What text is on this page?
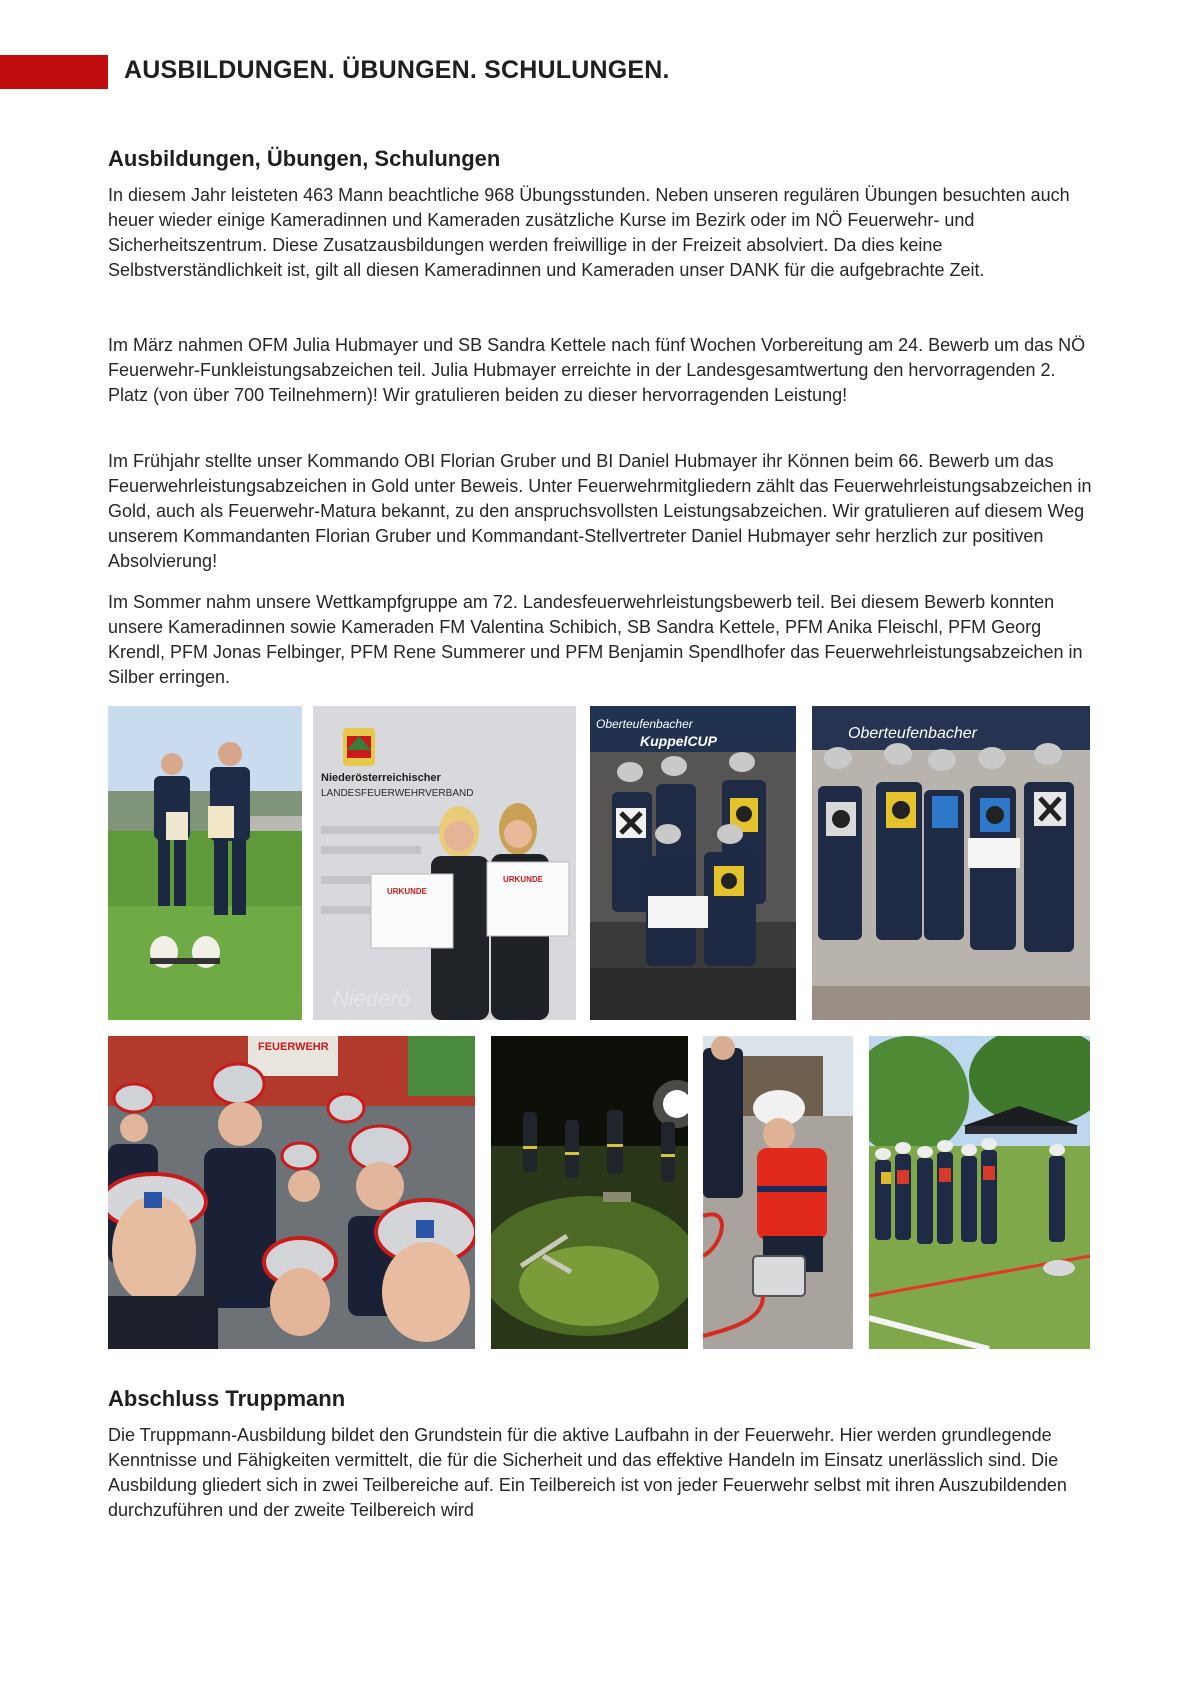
AUSBILDUNGEN. ÜBUNGEN. SCHULUNGEN.
Ausbildungen, Übungen, Schulungen

In diesem Jahr leisteten 463 Mann beachtliche 968 Übungsstunden. Neben unseren regulären Übungen besuchten auch heuer wieder einige Kameradinnen und Kameraden zusätzliche Kurse im Bezirk oder im NÖ Feuerwehr- und Sicherheitszentrum. Diese Zusatzausbildungen werden freiwillige in der Freizeit absolviert. Da dies keine Selbstverständlichkeit ist, gilt all diesen Kameradinnen und Kameraden unser DANK für die aufgebrachte Zeit.

Im März nahmen OFM Julia Hubmayer und SB Sandra Kettele nach fünf Wochen Vorbereitung am 24. Bewerb um das NÖ Feuerwehr-Funkleistungsabzeichen teil. Julia Hubmayer erreichte in der Landesgesamtwertung den hervorragenden 2. Platz (von über 700 Teilnehmern)! Wir gratulieren beiden zu dieser hervorragenden Leistung!

Im Frühjahr stellte unser Kommando OBI Florian Gruber und BI Daniel Hubmayer ihr Können beim 66. Bewerb um das Feuerwehrleistungsabzeichen in Gold unter Beweis. Unter Feuerwehrmitgliedern zählt das Feuerwehrleistungsabzeichen in Gold, auch als Feuerwehr-Matura bekannt, zu den anspruchsvollsten Leistungsabzeichen. Wir gratulieren auf diesem Weg unserem Kommandanten Florian Gruber und Kommandant-Stellvertreter Daniel Hubmayer sehr herzlich zur positiven Absolvierung!

Im Sommer nahm unsere Wettkampfgruppe am 72. Landesfeuerwehrleistungsbewerb teil. Bei diesem Bewerb konnten unsere Kameradinnen sowie Kameraden FM Valentina Schibich, SB Sandra Kettele, PFM Anika Fleischl, PFM Georg Krendl, PFM Jonas Felbinger, PFM Rene Summerer und PFM Benjamin Spendlhofer das Feuerwehrleistungsabzeichen in Silber erringen.

Niederösterreichischer
LANDESFEUERWEHRVERBAND
URKUNDE
URKUNDE
Niederö
Oberteufenbacher
KuppelCUP	Oberteufenbacher
FEUERWEHR
Abschluss Truppmann

Die Truppmann-Ausbildung bildet den Grundstein für die aktive Laufbahn in der Feuerwehr. Hier werden grundlegende Kenntnisse und Fähigkeiten vermittelt, die für die Sicherheit und das effektive Handeln im Einsatz unerlässlich sind. Die Ausbildung gliedert sich in zwei Teilbereiche auf. Ein Teilbereich ist von jeder Feuerwehr selbst mit ihren Auszubildenden durchzuführen und der zweite Teilbereich wird
